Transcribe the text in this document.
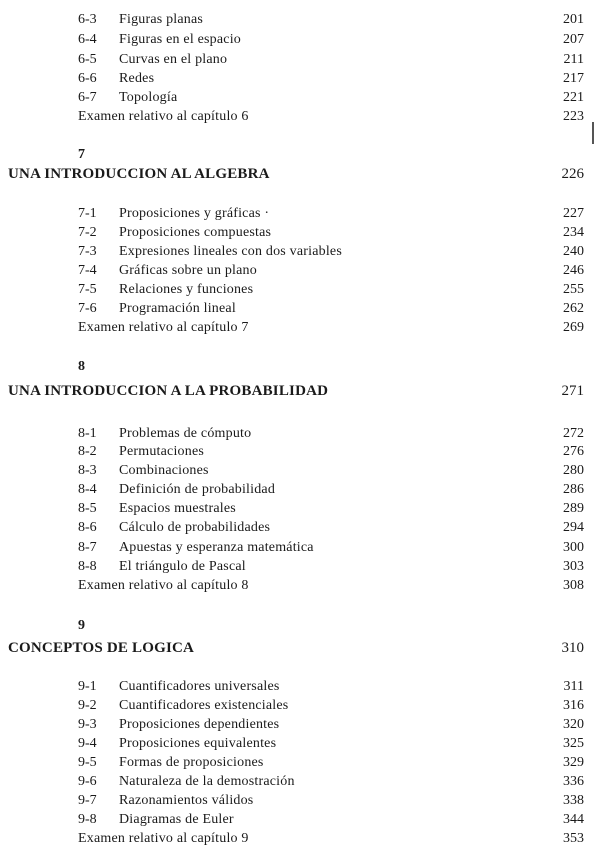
6-3 Figuras planas	201
6-4 Figuras en el espacio	207
6-5 Curvas en el plano	211
6-6 Redes	217
6-7 Topología	221
Examen relativo al capítulo 6	223
7
UNA INTRODUCCION AL ALGEBRA	226
7-1 Proposiciones y gráficas ·	227
7-2 Proposiciones compuestas	234
7-3 Expresiones lineales con dos variables	240
7-4 Gráficas sobre un plano	246
7-5 Relaciones y funciones	255
7-6 Programación lineal	262
Examen relativo al capítulo 7	269
8
UNA INTRODUCCION A LA PROBABILIDAD	271
8-1 Problemas de cómputo	272
8-2 Permutaciones	276
8-3 Combinaciones	280
8-4 Definición de probabilidad	286
8-5 Espacios muestrales	289
8-6 Cálculo de probabilidades	294
8-7 Apuestas y esperanza matemática	300
8-8 El triángulo de Pascal	303
Examen relativo al capítulo 8	308
9
CONCEPTOS DE LOGICA	310
9-1 Cuantificadores universales	311
9-2 Cuantificadores existenciales	316
9-3 Proposiciones dependientes	320
9-4 Proposiciones equivalentes	325
9-5 Formas de proposiciones	329
9-6 Naturaleza de la demostración	336
9-7 Razonamientos válidos	338
9-8 Diagramas de Euler	344
Examen relativo al capítulo 9	353
